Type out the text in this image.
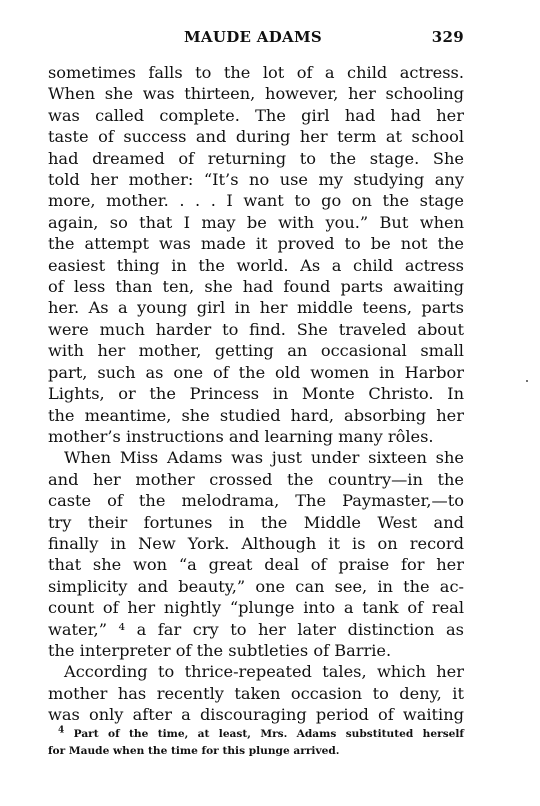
MAUDE ADAMS	329
sometimes falls to the lot of a child actress.
When she was thirteen, however, her schooling
was called complete. The girl had had her
taste of success and during her term at school
had dreamed of returning to the stage. She
told her mother: “It’s no use my studying any
more, mother. . . . I want to go on the stage
again, so that I may be with you.” But when
the attempt was made it proved to be not the
easiest thing in the world. As a child actress
of less than ten, she had found parts awaiting
her. As a young girl in her middle teens, parts
were much harder to find. She traveled about
with her mother, getting an occasional small
part, such as one of the old women in Harbor
Lights, or the Princess in Monte Christo. In
the meantime, she studied hard, absorbing her
mother’s instructions and learning many rôles.
When Miss Adams was just under sixteen she
and her mother crossed the country—in the
caste of the melodrama, The Paymaster,—to
try their fortunes in the Middle West and
finally in New York. Although it is on record
that she won “a great deal of praise for her
simplicity and beauty,” one can see, in the ac-
count of her nightly “plunge into a tank of real
water,” ⁴ a far cry to her later distinction as
the interpreter of the subtleties of Barrie.
According to thrice-repeated tales, which her
mother has recently taken occasion to deny, it
was only after a discouraging period of waiting
$^4$ Part of the time, at least, Mrs. Adams substituted herself
for Maude when the time for this plunge arrived.
